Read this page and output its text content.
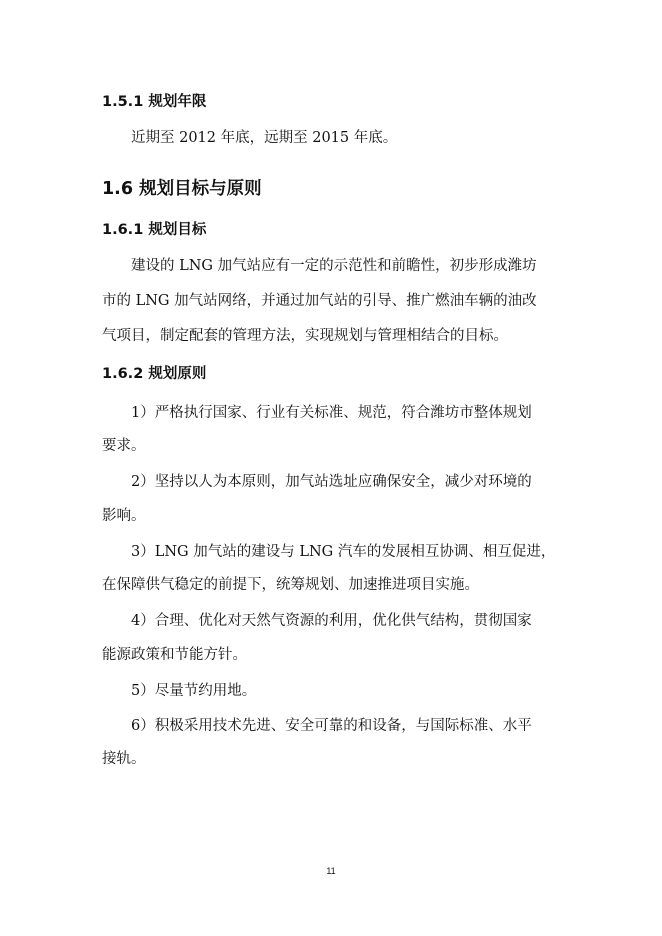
1.5.1 规划年限
近期至 2012 年底，远期至 2015 年底。
1.6 规划目标与原则
1.6.1 规划目标
建设的 LNG 加气站应有一定的示范性和前瞻性，初步形成潍坊
市的 LNG 加气站网络，并通过加气站的引导、推广燃油车辆的油改
气项目，制定配套的管理方法，实现规划与管理相结合的目标。
1.6.2 规划原则
1）严格执行国家、行业有关标准、规范，符合潍坊市整体规划
要求。
2）坚持以人为本原则，加气站选址应确保安全，减少对环境的
影响。
3）LNG 加气站的建设与 LNG 汽车的发展相互协调、相互促进，
在保障供气稳定的前提下，统筹规划、加速推进项目实施。
4）合理、优化对天然气资源的利用，优化供气结构，贯彻国家
能源政策和节能方针。
5）尽量节约用地。
6）积极采用技术先进、安全可靠的和设备，与国际标准、水平
接轨。
11
